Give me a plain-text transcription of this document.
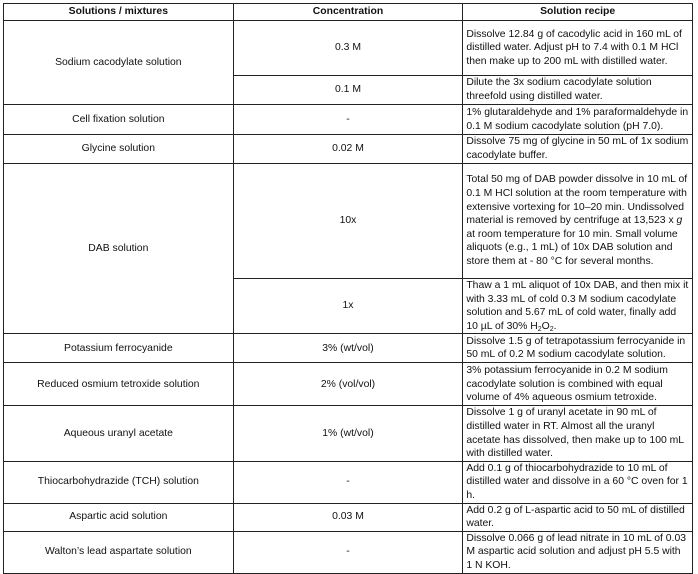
Solutions / mixtures	Concentration	Solution recipe
Sodium cacodylate solution	0.3 M	Dissolve 12.84 g of cacodylic acid in 160 mL of distilled water. Adjust pH to 7.4 with 0.1 M HCl then make up to 200 mL with distilled water.
	0.1 M	Dilute the 3x sodium cacodylate solution threefold using distilled water.
Cell fixation solution	-	1% glutaraldehyde and 1% paraformaldehyde in 0.1 M sodium cacodylate solution (pH 7.0).
Glycine solution	0.02 M	Dissolve 75 mg of glycine in 50 mL of 1x sodium cacodylate buffer.
DAB solution	10x	Total 50 mg of DAB powder dissolve in 10 mL of 0.1 M HCl solution at the room temperature with extensive vortexing for 10–20 min. Undissolved material is removed by centrifuge at 13,523 x g at room temperature for 10 min. Small volume aliquots (e.g., 1 mL) of 10x DAB solution and store them at - 80 °C for several months.
	1x	Thaw a 1 mL aliquot of 10x DAB, and then mix it with 3.33 mL of cold 0.3 M sodium cacodylate solution and 5.67 mL of cold water, finally add 10 µL of 30% $H_2O_2$.
Potassium ferrocyanide	3% (wt/vol)	Dissolve 1.5 g of tetrapotassium ferrocyanide in 50 mL of 0.2 M sodium cacodylate solution.
Reduced osmium tetroxide solution	2% (vol/vol)	3% potassium ferrocyanide in 0.2 M sodium cacodylate solution is combined with equal volume of 4% aqueous osmium tetroxide.
Aqueous uranyl acetate	1% (wt/vol)	Dissolve 1 g of uranyl acetate in 90 mL of distilled water in RT. Almost all the uranyl acetate has dissolved, then make up to 100 mL with distilled water.
Thiocarbohydrazide (TCH) solution	-	Add 0.1 g of thiocarbohydrazide to 10 mL of distilled water and dissolve in a 60 °C oven for 1 h.
Aspartic acid solution	0.03 M	Add 0.2 g of L-aspartic acid to 50 mL of distilled water.
Walton’s lead aspartate solution	-	Dissolve 0.066 g of lead nitrate in 10 mL of 0.03 M aspartic acid solution and adjust pH 5.5 with 1 N KOH.
